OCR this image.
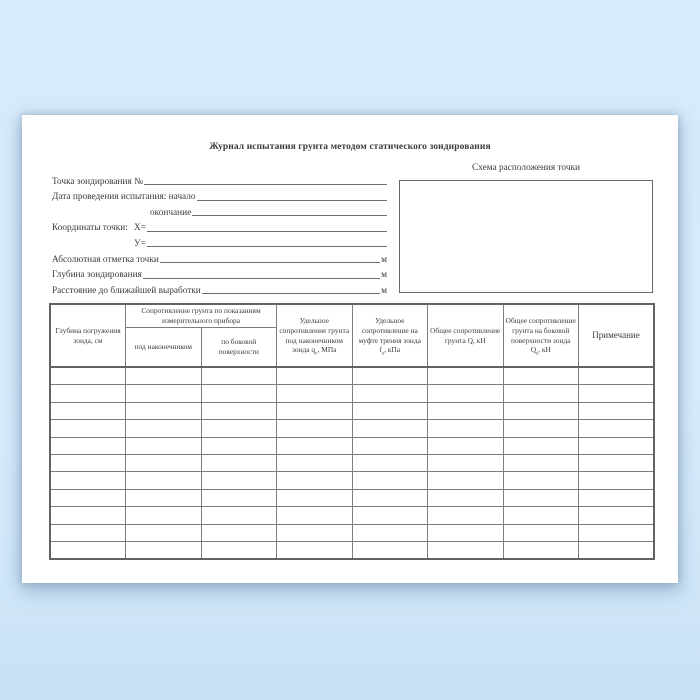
Журнал испытания грунта методом статического зондирования
Точка зондирования №
Дата проведения испытания: начало
окончание
Координаты точки: Х=
У=
Абсолютная отметка точки	м
Глубина зондирования	м
Расстояние до ближайшей выработки	м
Схема расположения точки
Глубина погружения зонда, см	Сопротивление грунта по показаниям измерительного прибора		Удельное сопротивление грунта под наконечником зонда $q_c$, МПа	Удельное сопротивление на муфте трения зонда $f_s$, кПа	Общее сопротивление грунта Q, кН	Общее сопротивление грунта на боковой поверхности зонда $Q_s$, кН	Примечание
	под наконечником	по боковой поверхности					
